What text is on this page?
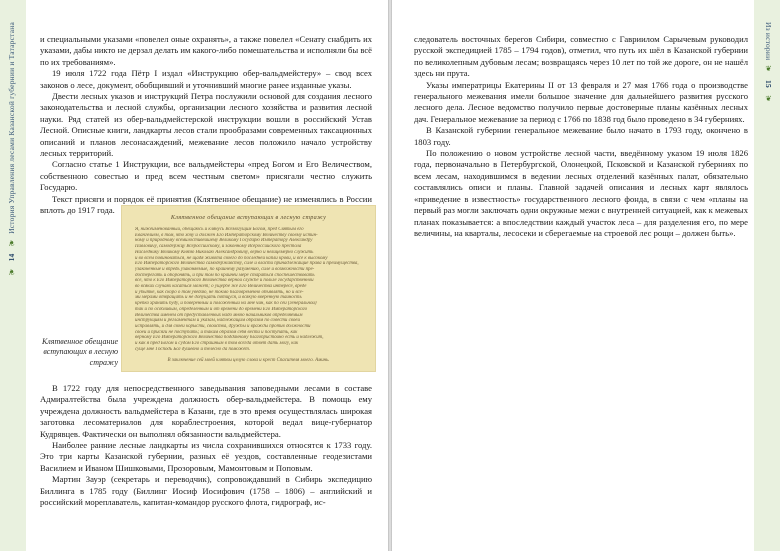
❦ 14 ❦ История Управления лесами Казанской губернии и Татарстана	и специальными указами «повелел оные охранять», а также повелел «Сенату снабдить их указами, дабы никто не дерзал делать им какого-либо помешательства и исполняли бы всё по их требованиям».

19 июля 1722 года Пётр I издал «Инструкцию обер-вальдмейстеру» – свод всех законов о лесе, документ, обобщивший и уточнивший многие ранее изданные указы.

Двести лесных указов и инструкций Петра послужили основой для создания лесного законодательства и лесной службы, организации лесного хозяйства и развития лесной науки. Ряд статей из обер-вальдмейстерской инструкции вошли в российский Устав Лесной. Описные книги, ландкарты лесов стали прообразами современных таксационных описаний и планов лесонасаждений, межевание лесов положило начало устройству лесных территорий.

Согласно статье 1 Инструкции, все вальдмейстеры «пред Богом и Его Величеством, собственною совестью и пред всем честным светом» присягали честно служить Государю.

Текст присяги и порядок её принятия (Клятвенное обещание) не изменялись в России вплоть до 1917 года.

Клятвенное обещание вступающих в лесную стражу
Клятвенное обещание вступающих в лесную стражу
Я, нижеименованный, обещаюсь и клянусь Всемогущим Богом, пред Святым его
Евангелием, в том, что хочу и должен Его Императорскому Величеству своему истин-
ному и природному всемилостивейшему Великому Государю Императору Александру
Павловичу, самодержцу Всероссийскому, и законному Всероссийского престола
Наследнику Великому Князю Николаю Александровичу, верно и нелицемерно служить
и во всём повиноваться, не щадя живота своего до последней капли крови, и все к высокому
Его Императорского Величества самодержавству, силе и власти принадлежащие права и преимущества,
узаконенные и впредь узаконяемые, по крайнему разумению, силе и возможности пре-
достерегать и оборонять, и при том по крайней мере стараться споспешествовать
всё, что к Его Императорского Величества верной службе и пользе государственной
во всяких случаях касаться может; о ущербе же Его Величества интересе, вреде
и убытке, как скоро о том уведаю, не токмо благовременно объявлять, но и все-
ми мерами отвращать и не допущать потщуся, и всякую вверенную тайность
крепко хранить буду, и поверенный и положенный на мне чин, как по сей (генеральной)
так и по особливым, определённым и от времени до времени Его Императорского
Величества именем от предуставленных надо мною начальников определяемым
инструкциям и регламентам и указам, надлежащим образом по совести своей
исправлять, и для своей корысти, свойства, дружбы и вражды против должности
своей и присяги не поступать; и таким образом себя вести и поступать, как
верному Его Императорского Величества подданному благопристойно есть и надлежит,
и как я пред Богом и судом Его страшным в том всегда ответ дать могу, как
суще мне Господь Бог душевно и телесно да поможет.
В заключение сей моей клятвы целую слова и крест Спасителя моего. Аминь.

В 1722 году для непосредственного заведывания заповедными лесами в составе Адмиралтейства была учреждена должность обер-вальдмейстера. В помощь ему учреждена должность вальдмейстера в Казани, где в это время осуществлялась широкая заготовка лесоматериалов для кораблестроения, которой ведал вице-губернатор Кудрявцев. Фактически он выполнял обязанности вальдмейстера.

Наиболее ранние лесные ландкарты из числа сохранившихся относятся к 1733 году. Это три карты Казанской губернии, разных её уездов, составленные геодезистами Василием и Иваном Шишковыми, Прозоровым, Мамонтовым и Поповым.

Мартин Зауэр (секретарь и переводчик), сопровождавший в Сибирь экспедицию Биллинга в 1785 году (Биллинг Иосиф Иосифович (1758 – 1806) – английский и российский мореплаватель, капитан-командор русского флота, гидрограф, ис-

Из истории ❦ 15 ❦

следователь восточных берегов Сибири, совместно с Гавриилом Сарычевым руководил русской экспедицией 1785 – 1794 годов), отметил, что путь их шёл в Казанской губернии по великолепным дубовым лесам; возвращаясь через 10 лет по той же дороге, он не нашёл здесь ни прута.

Указы императрицы Екатерины II от 13 февраля и 27 мая 1766 года о производстве генерального межевания имели большое значение для дальнейшего развития русского лесного дела. Лесное ведомство получило первые достоверные планы казённых лесных дач. Генеральное межевание за период с 1766 по 1838 год было проведено в 34 губерниях.

В Казанской губернии генеральное межевание было начато в 1793 году, окончено в 1803 году.

По положению о новом устройстве лесной части, введённому указом 19 июля 1826 года, первоначально в Петербургской, Олонецкой, Псковской и Казанской губерниях по всем лесам, находившимся в ведении лесных отделений казённых палат, обязательно составлялись описи и планы. Главной задачей описания и лесных карт являлось «приведение в известность» государственного лесного фонда, в связи с чем «планы на первый раз могли заключать одни окружные межи с внутренней ситуацией, как к межевых планах показывается: а впоследствии каждый участок леса – для разделения его, по мере величины, на кварталы, лесосеки и сберегаемые на строевой лес рощи – должен быть».
